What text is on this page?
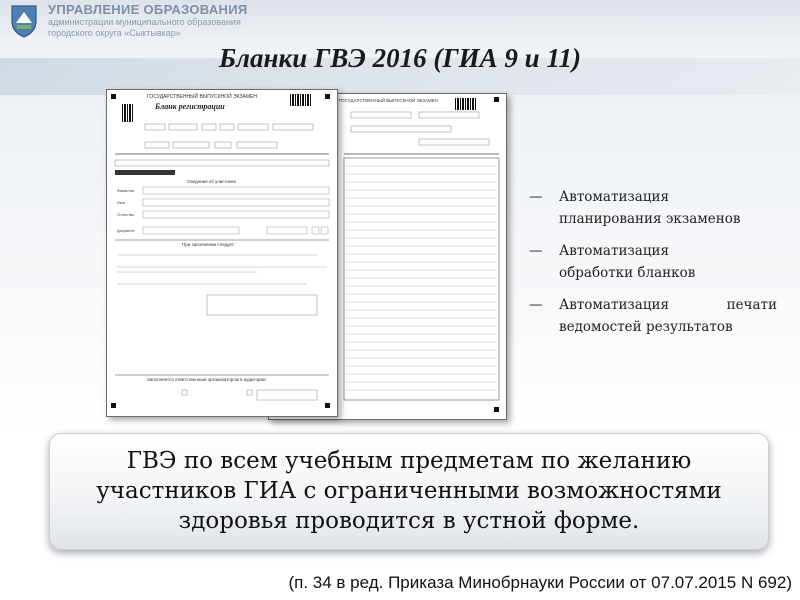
УПРАВЛЕНИЕ ОБРАЗОВАНИЯ
администрации муниципального образования
городского округа «Сыктывкар»
Бланки ГВЭ 2016 (ГИА 9 и 11)
ГОСУДАРСТВЕННЫЙ ВЫПУСКНОЙ ЭКЗАМЕН
ГОСУДАРСТВЕННЫЙ ВЫПУСКНОЙ ЭКЗАМЕН
Бланк регистрации
Сведения об участнике
Фамилия
Имя
Отчество
Документ
При заполнении следует:
Заполняется ответственным организатором в аудитории:
— Автоматизация
планирования экзаменов
— Автоматизация
обработки бланков
— Автоматизация печати
ведомостей результатов
ГВЭ по всем учебным предметам по желанию
участников ГИА с ограниченными возможностями
здоровья проводится в устной форме.
(п. 34 в ред. Приказа Минобрнауки России от 07.07.2015 N 692)
